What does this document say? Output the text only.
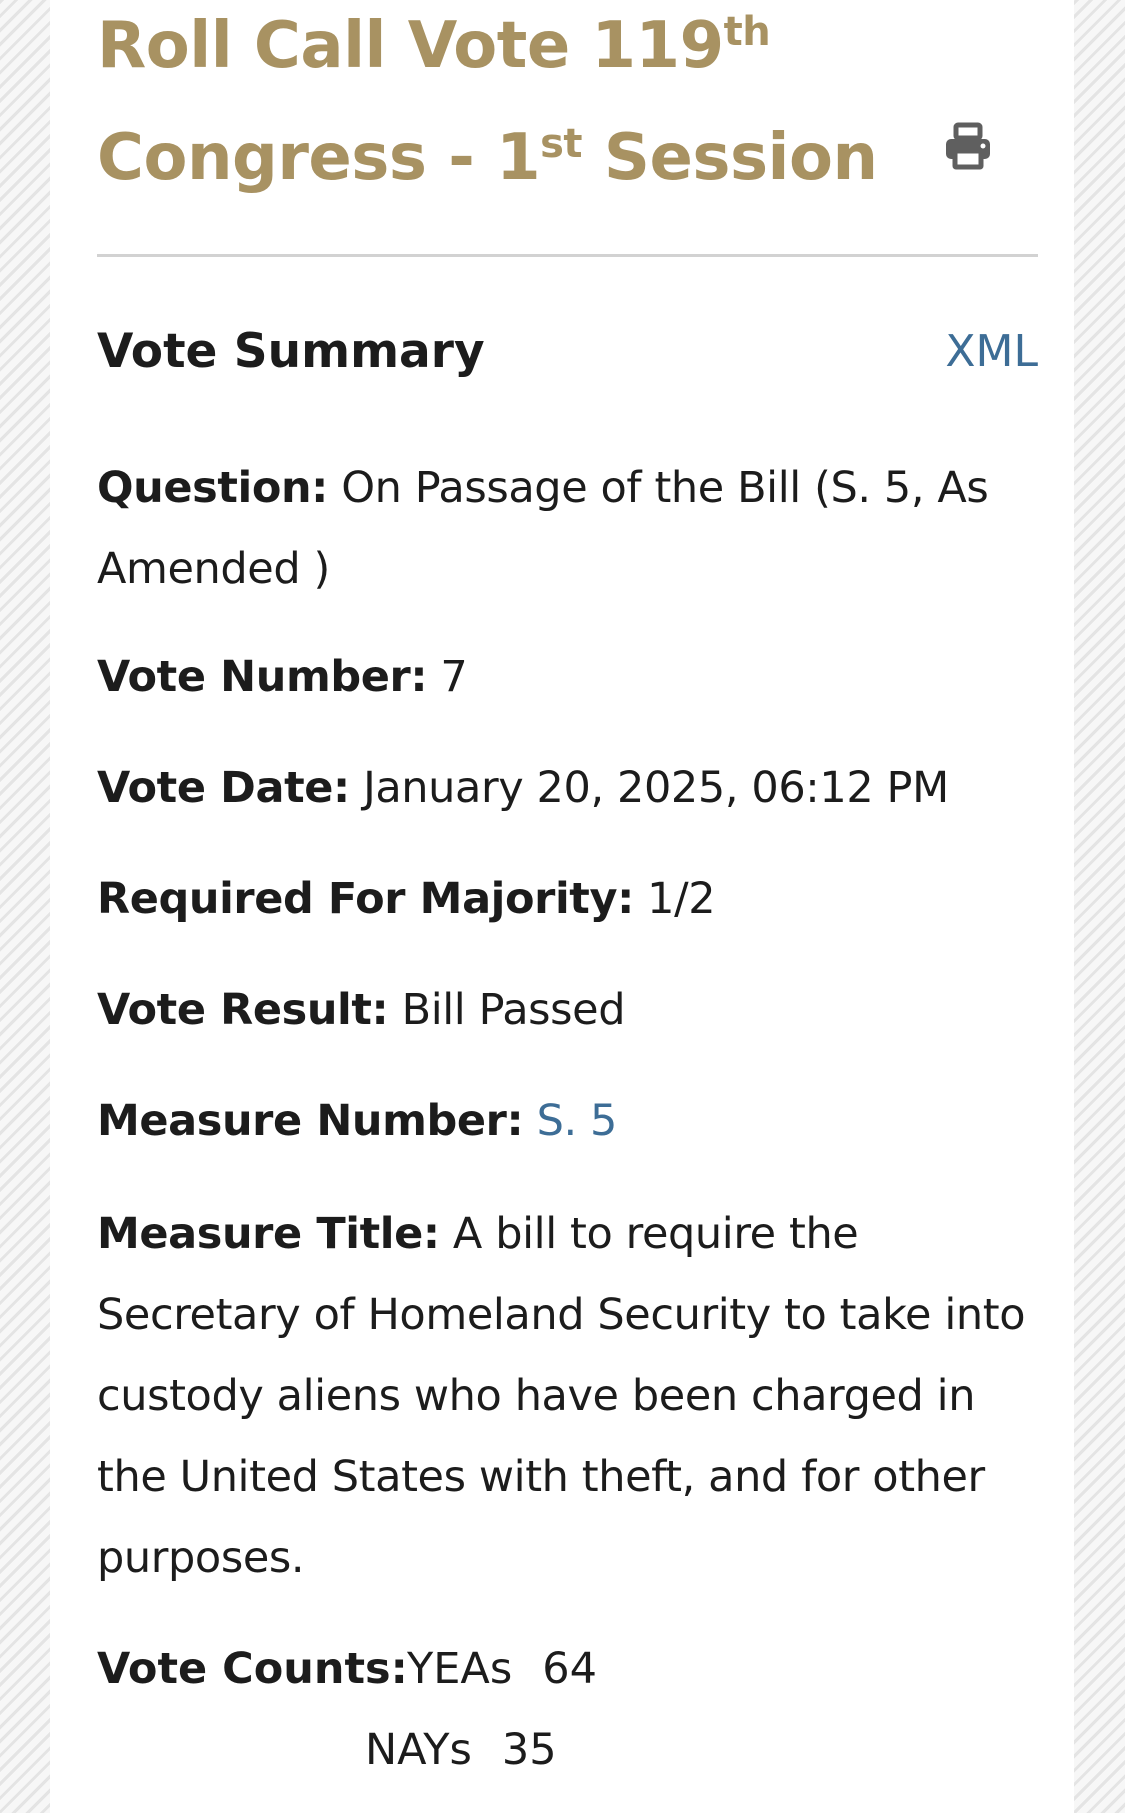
Roll Call Vote 119th Congress - 1st Session
Vote Summary	XML

Question: On Passage of the Bill (S. 5, As Amended )

Vote Number: 7

Vote Date: January 20, 2025, 06:12 PM

Required For Majority: 1/2

Vote Result: Bill Passed

Measure Number: S. 5

Measure Title: A bill to require the Secretary of Homeland Security to take into custody aliens who have been charged in the United States with theft, and for other purposes.

Vote Counts: YEAs 64
NAYs 35
